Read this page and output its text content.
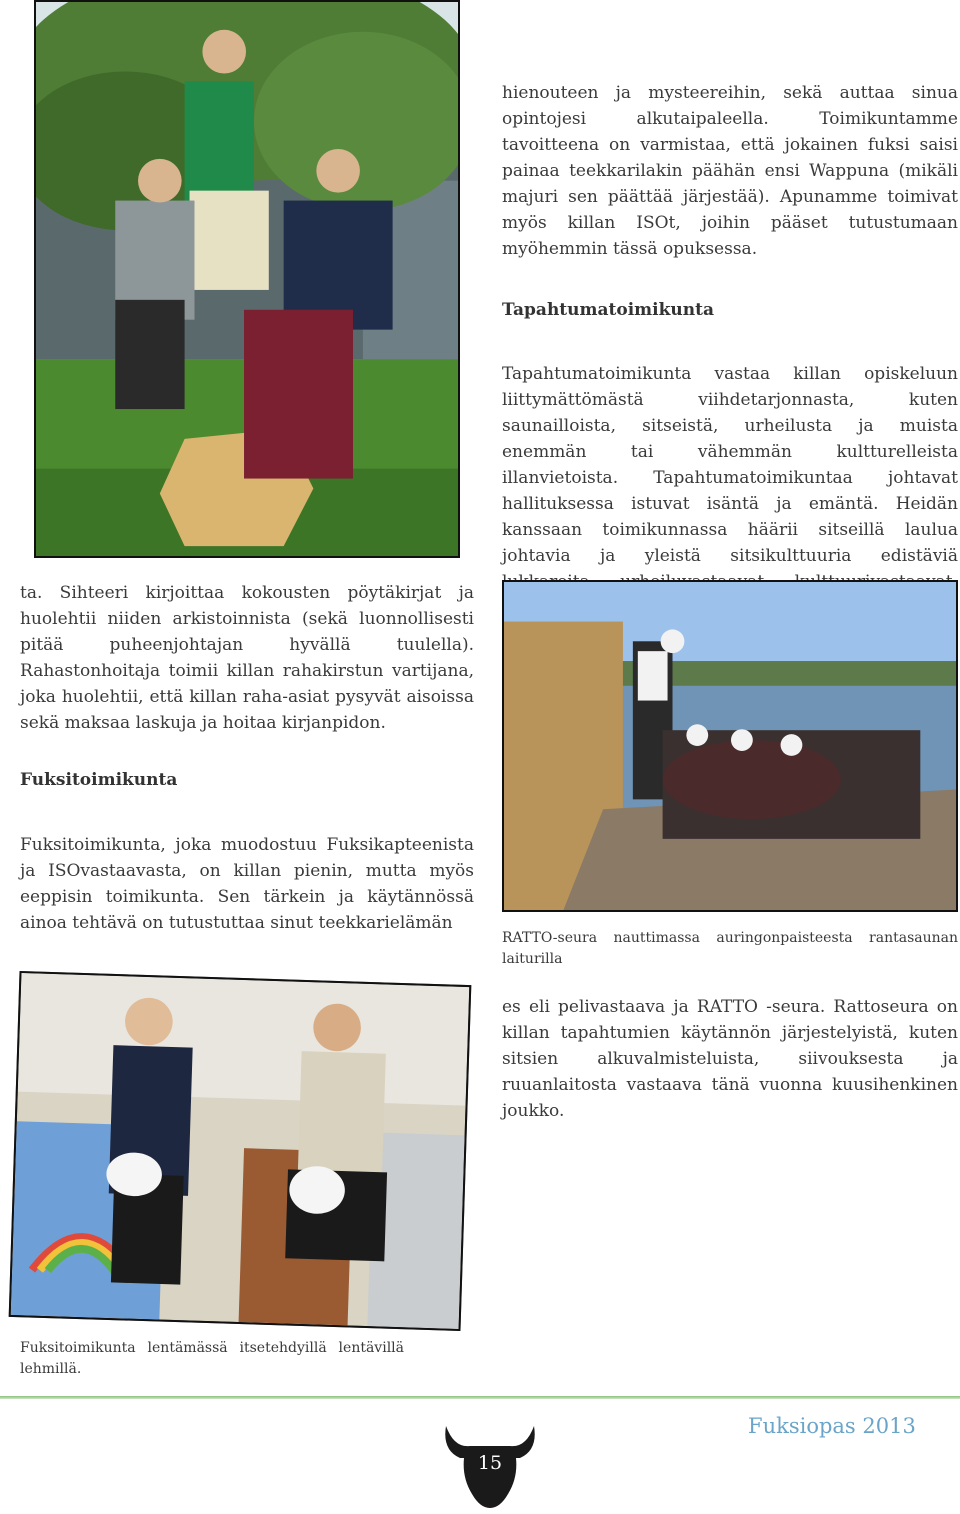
hienouteen ja mysteereihin, sekä auttaa sinua opintojesi alkutaipaleella. Toimikuntamme tavoitteena on varmistaa, että jokainen fuksi saisi painaa teekkarilakin päähän ensi Wappuna (mikäli majuri sen päättää järjestää). Apunamme toimivat myös killan ISOt, joihin pääset tutustumaan myöhemmin tässä opuksessa.

Tapahtumatoimikunta

Tapahtumatoimikunta vastaa killan opiskeluun liittymättömästä viihdetarjonnasta, kuten saunailloista, sitseistä, urheilusta ja muista enemmän tai vähemmän kultturelleista illanvietoista. Tapahtumatoimikuntaa johtavat hallituksessa istuvat isäntä ja emäntä. Heidän kanssaan toimikunnassa häärii sitseillä laulua johtavia ja yleistä sitsikulttuuria edistäviä

ta. Sihteeri kirjoittaa kokousten pöytäkirjat ja huolehtii niiden arkistoinnista (sekä luonnollisesti pitää puheenjohtajan hyvällä tuulella). Rahastonhoitaja toimii killan rahakirstun vartijana, joka huolehtii, että killan raha-asiat pysyvät aisoissa sekä maksaa laskuja ja hoitaa kirjanpidon.

Fuksitoimikunta

Fuksitoimikunta, joka muodostuu Fuksikapteenista ja ISOvastaavasta, on killan pienin, mutta myös eeppisin toimikunta. Sen tärkein ja käytännössä ainoa tehtävä on tutustuttaa sinut teekkarielämän

RATTO-seura nauttimassa auringonpaisteesta rantasaunan laiturilla

es eli pelivastaava ja RATTO -seura. Rattoseura on killan tapahtumien käytännön järjestelyistä, kuten sitsien alkuvalmisteluista, siivouksesta ja ruuanlaitosta vastaava tänä vuonna kuusihenkinen joukko.

Fuksitoimikunta lentämässä itsetehdyillä lentävillä lehmillä.

Fuksiopas 2013
15
